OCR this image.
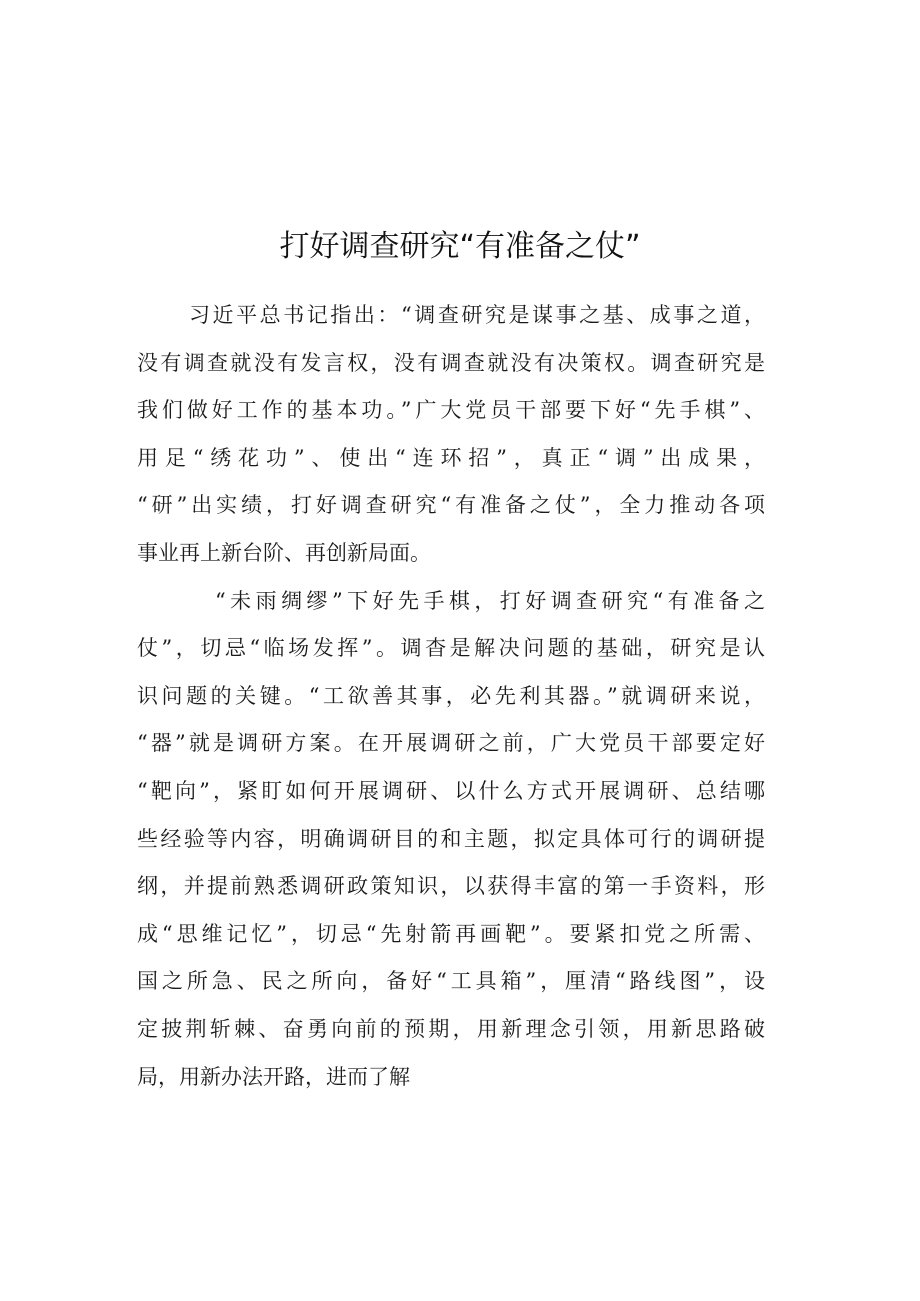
打好调查研究“有准备之仗”
习近平总书记指出：“调查研究是谋事之基、成事之道，
没有调查就没有发言权，没有调查就没有决策权。调查研究是
我们做好工作的基本功。”广大党员干部要下好“先手棋”、
用足“绣花功”、使出“连环招”，真正“调”出成果，
“研”出实绩，打好调查研究“有准备之仗”，全力推动各项
事业再上新台阶、再创新局面。
“未雨绸缪”下好先手棋，打好调查研究“有准备之
仗”，切忌“临场发挥”。调杳是解决问题的基础，研究是认
识问题的关键。“工欲善其事，必先利其器。”就调研来说，
“器”就是调研方案。在开展调研之前，广大党员干部要定好
“靶向”，紧盯如何开展调研、以什么方式开展调研、总结哪
些经验等内容，明确调研目的和主题，拟定具体可行的调研提
纲，并提前熟悉调研政策知识，以获得丰富的第一手资料，形
成“思维记忆”，切忌“先射箭再画靶”。要紧扣党之所需、
国之所急、民之所向，备好“工具箱”，厘清“路线图”，设
定披荆斩棘、奋勇向前的预期，用新理念引领，用新思路破
局，用新办法开路，进而了解
